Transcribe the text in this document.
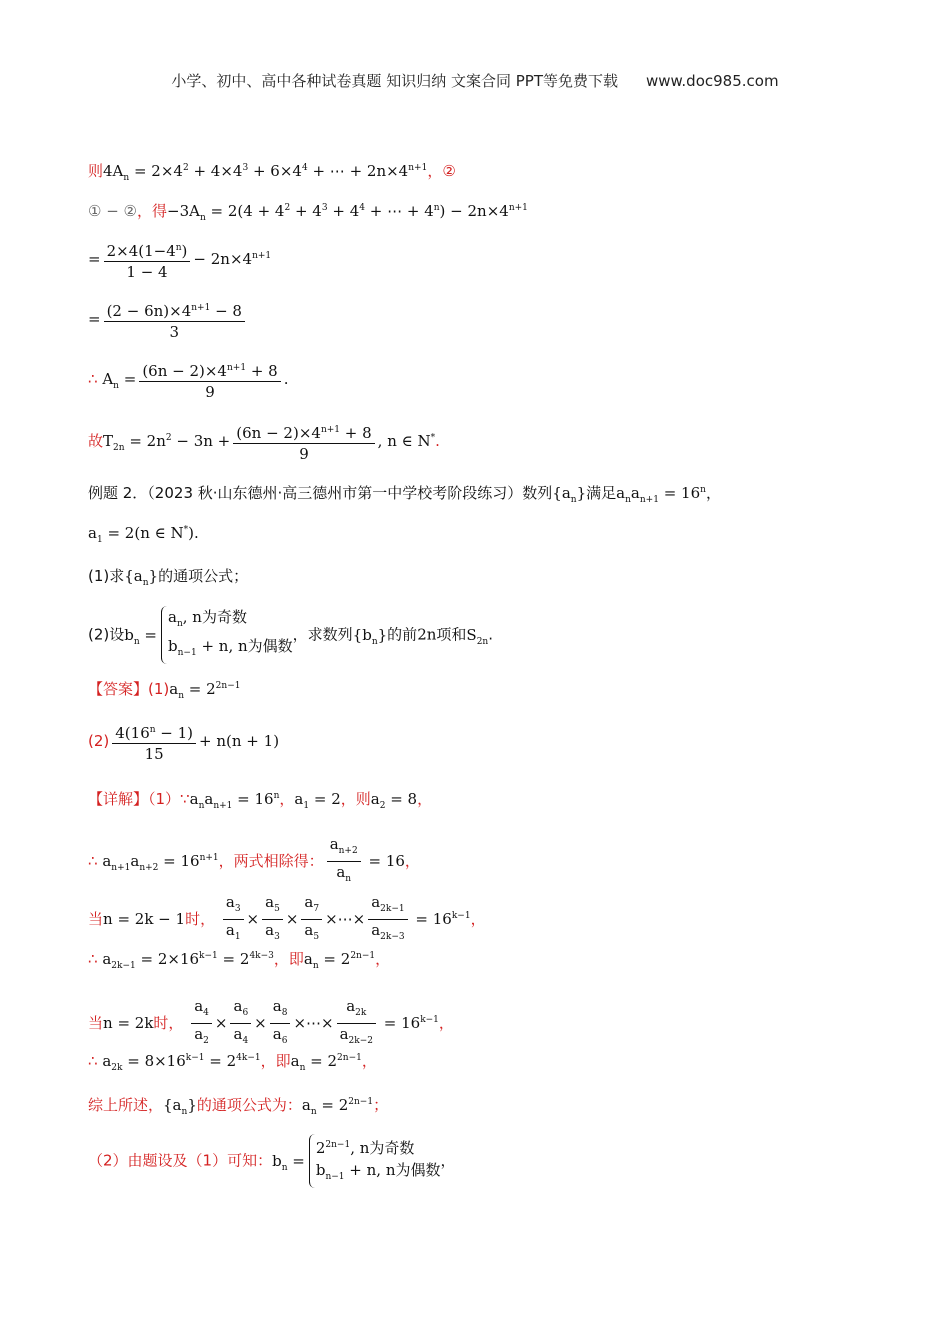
小学、初中、高中各种试卷真题 知识归纳 文案合同 PPT等免费下载 www.doc985.com
则$4A_n = 2\times 4^2 + 4\times 4^3 + 6\times 4^4$ + ⋯ + $2n\times 4^{n+1}$，②
① − ②，得$-3A_n = 2(4 + 4^2 + 4^3 + 4^4$ + ⋯ + $4^n) - 2n\times 4^{n+1}$
= $\frac{2\times 4(1-4^n)}{1 - 4} - 2n\times 4^{n+1}$
= $\frac{(2 - 6n)\times 4^{n+1} - 8}{3}$
∴ $A_n = \frac{(6n - 2)\times 4^{n+1} + 8}{9}$ .
故$T_{2n} = 2n^2 - 3n + \frac{(6n - 2)\times 4^{n+1} + 8}{9}$ , n ∈ N*.
例题 2．（2023 秋·山东德州·高三德州市第一中学校考阶段练习）数列$\{a_n\}$满足$a_na_{n+1} = 16^n$，
$a_1 = 2(n$ ∈ N*).
(1)求$\{a_n\}$的通项公式；
(2)设$b_n =a_n$, n为奇数
$b_{n-1} + n$, n为偶数，求数列$\{b_n\}$的前2n项和$S_{2n}$.
【答案】$(1)a_n = 2^{2n-1}$
$(2) \frac{4(16^n - 1)}{15} + n(n + 1)$
【详解】$(1)\because a_na_{n+1} = 16^n$，$a_1 = 2$，则$a_2 = 8$，
∴ $a_{n+1}a_{n+2} = 16^{n+1}$，两式相除得： $\frac{a_{n+2}}{a_n} = 16$，
当n = 2k − 1时， $\frac{a_3}{a_1} \times \frac{a_5}{a_3} \times \frac{a_7}{a_5}$ ×⋯× $\frac{a_{2k-1}}{a_{2k-3}} = 16^{k-1}$，
∴ $a_{2k-1} = 2\times 16^{k-1} = 2^{4k-3}$，即$a_n = 2^{2n-1}$，
当n = 2k时， $\frac{a_4}{a_2} \times \frac{a_6}{a_4} \times \frac{a_8}{a_6}$ ×⋯× $\frac{a_{2k}}{a_{2k-2}} = 16^{k-1}$，
∴ $a_{2k} = 8\times 16^{k-1} = 2^{4k-1}$，即$a_n = 2^{2n-1}$，
综上所述，$\{a_n\}$的通项公式为：$a_n = 2^{2n-1}$；
（2）由题设及（1）可知：$b_n =2^{2n-1}$, n为奇数
$b_{n-1} + n$, n为偶数，
